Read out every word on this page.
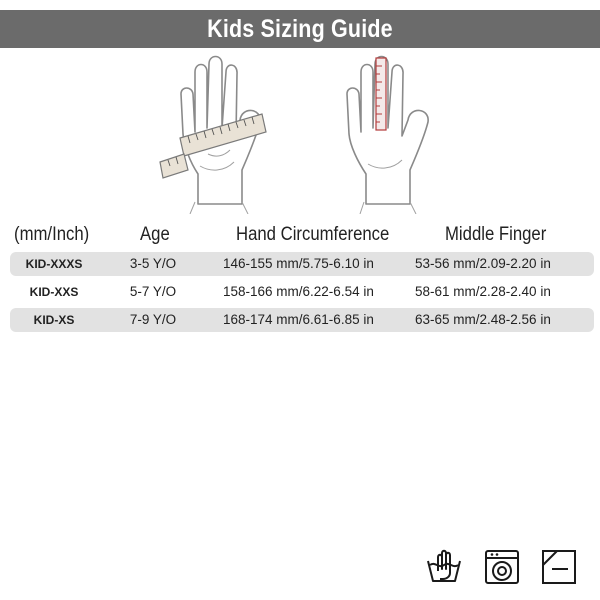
Kids Sizing Guide
(mm/Inch)	Age	Hand Circumference	Middle Finger
KID-XXXS	3-5 Y/O	146-155 mm/5.75-6.10 in	53-56 mm/2.09-2.20 in
KID-XXS	5-7 Y/O	158-166 mm/6.22-6.54 in	58-61 mm/2.28-2.40 in
KID-XS	7-9 Y/O	168-174 mm/6.61-6.85 in	63-65 mm/2.48-2.56 in
